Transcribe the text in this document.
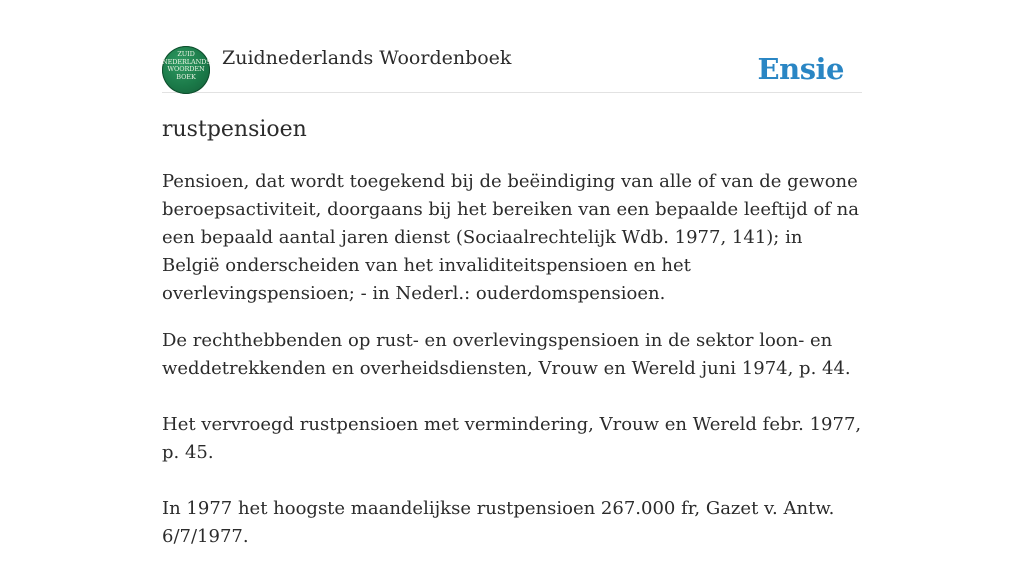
ZUID
NEDERLANDS
WOORDEN
BOEK
Zuidnederlands Woordenboek	Ensie
rustpensioen

Pensioen, dat wordt toegekend bij de beëindiging van alle of van de gewone beroepsactiviteit, doorgaans bij het bereiken van een bepaalde leeftijd of na een bepaald aantal jaren dienst (Sociaalrechtelijk Wdb. 1977, 141); in België onderscheiden van het invaliditeitspensioen en het overlevingspensioen; - in Nederl.: ouderdomspensioen.

De rechthebbenden op rust- en overlevingspensioen in de sektor loon- en weddetrekkenden en overheidsdiensten, Vrouw en Wereld juni 1974, p. 44.

Het vervroegd rustpensioen met vermindering, Vrouw en Wereld febr. 1977, p. 45.

In 1977 het hoogste maandelijkse rustpensioen 267.000 fr, Gazet v. Antw. 6/7/1977.
